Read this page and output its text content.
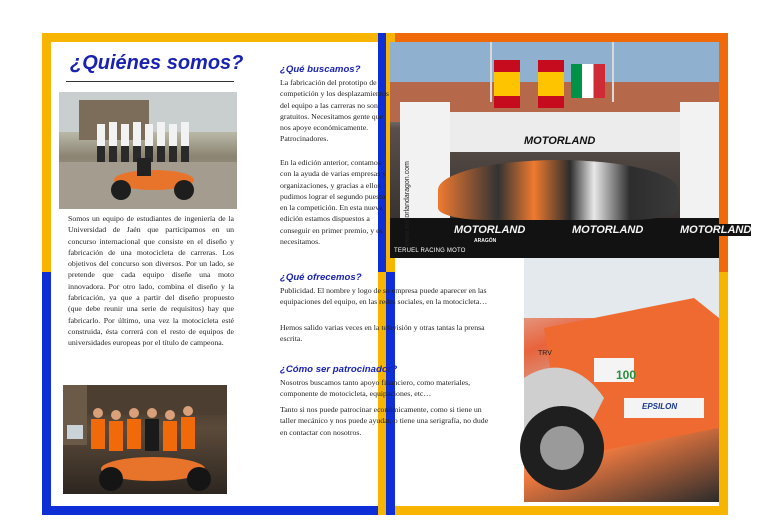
¿Quiénes somos?

Somos un equipo de estudiantes de ingeniería de la Universidad de Jaén que participamos en un concurso internacional que consiste en el diseño y fabricación de una motocicleta de carreras. Los objetivos del concurso son diversos. Por un lado, se pretende que cada equipo diseñe una moto innovadora. Por otro lado, combina el diseño y la fabricación, ya que a partir del diseño propuesto (que debe reunir una serie de requisitos) hay que fabricarlo. Por último, una vez la motocicleta esté construida, ésta correrá con el resto de equipos de universidades europeas por el título de campeona.

¿Qué buscamos?

La fabricación del prototipo de competición y los desplazamientos del equipo a las carreras no son gratuitos. Necesitamos gente que nos apoye económicamente. Patrocinadores.

En la edición anterior, contamos con la ayuda de varias empresas y organizaciones, y gracias a ellos pudimos lograr el segundo puesto en la competición. En esta nueva edición estamos dispuestos a conseguir en primer premio, y es necesitamos.

¿Qué ofrecemos?

Publicidad. El nombre y logo de su empresa puede aparecer en las equipaciones del equipo, en las redes sociales, en la motocicleta…

Hemos salido varias veces en la televisión y otras tantas la prensa escrita.

¿Cómo ser patrocinador?

Nosotros buscamos tanto apoyo financiero, como materiales, componente de motocicleta, equipaciones, etc…

Tanto si nos puede patrocinar económicamente, como si tiene un taller mecánico y nos puede ayudar, o tiene una serigrafía, no dude en contactar con nosotros.

MOTORLAND
MOTORLAND	MOTORLAND	MOTORLAND
ARAGÓN
www.motorlandaragon.com
TERUEL RACING MOTO
100
TRV
EPSILON
